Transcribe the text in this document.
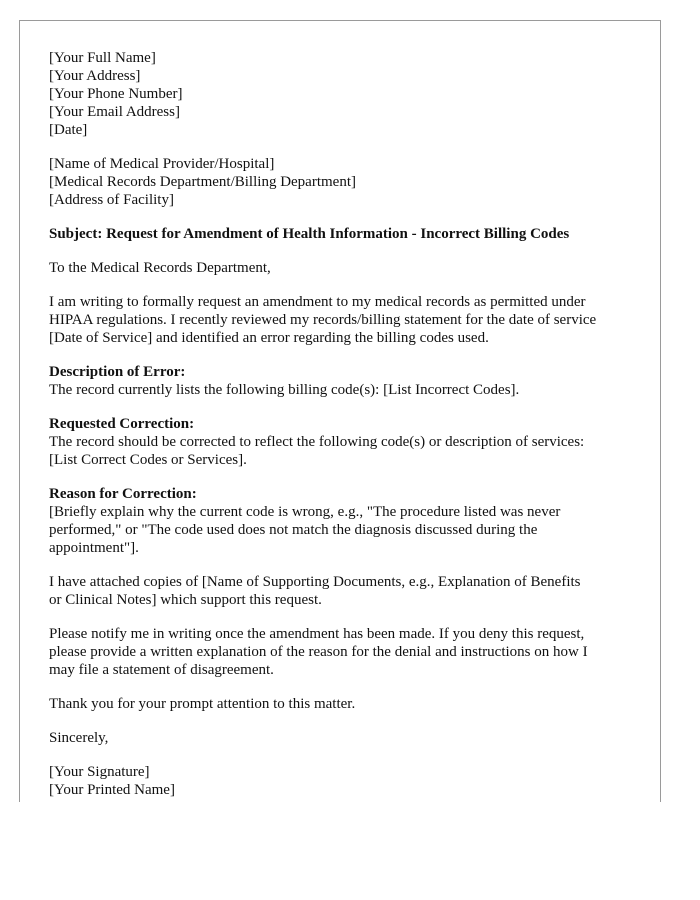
[Your Full Name]
[Your Address]
[Your Phone Number]
[Your Email Address]
[Date]
[Name of Medical Provider/Hospital]
[Medical Records Department/Billing Department]
[Address of Facility]
Subject: Request for Amendment of Health Information - Incorrect Billing Codes
To the Medical Records Department,
I am writing to formally request an amendment to my medical records as permitted under
HIPAA regulations. I recently reviewed my records/billing statement for the date of service
[Date of Service] and identified an error regarding the billing codes used.
Description of Error:
The record currently lists the following billing code(s): [List Incorrect Codes].
Requested Correction:
The record should be corrected to reflect the following code(s) or description of services:
[List Correct Codes or Services].
Reason for Correction:
[Briefly explain why the current code is wrong, e.g., "The procedure listed was never
performed," or "The code used does not match the diagnosis discussed during the
appointment"].
I have attached copies of [Name of Supporting Documents, e.g., Explanation of Benefits
or Clinical Notes] which support this request.
Please notify me in writing once the amendment has been made. If you deny this request,
please provide a written explanation of the reason for the denial and instructions on how I
may file a statement of disagreement.
Thank you for your prompt attention to this matter.
Sincerely,
[Your Signature]
[Your Printed Name]
